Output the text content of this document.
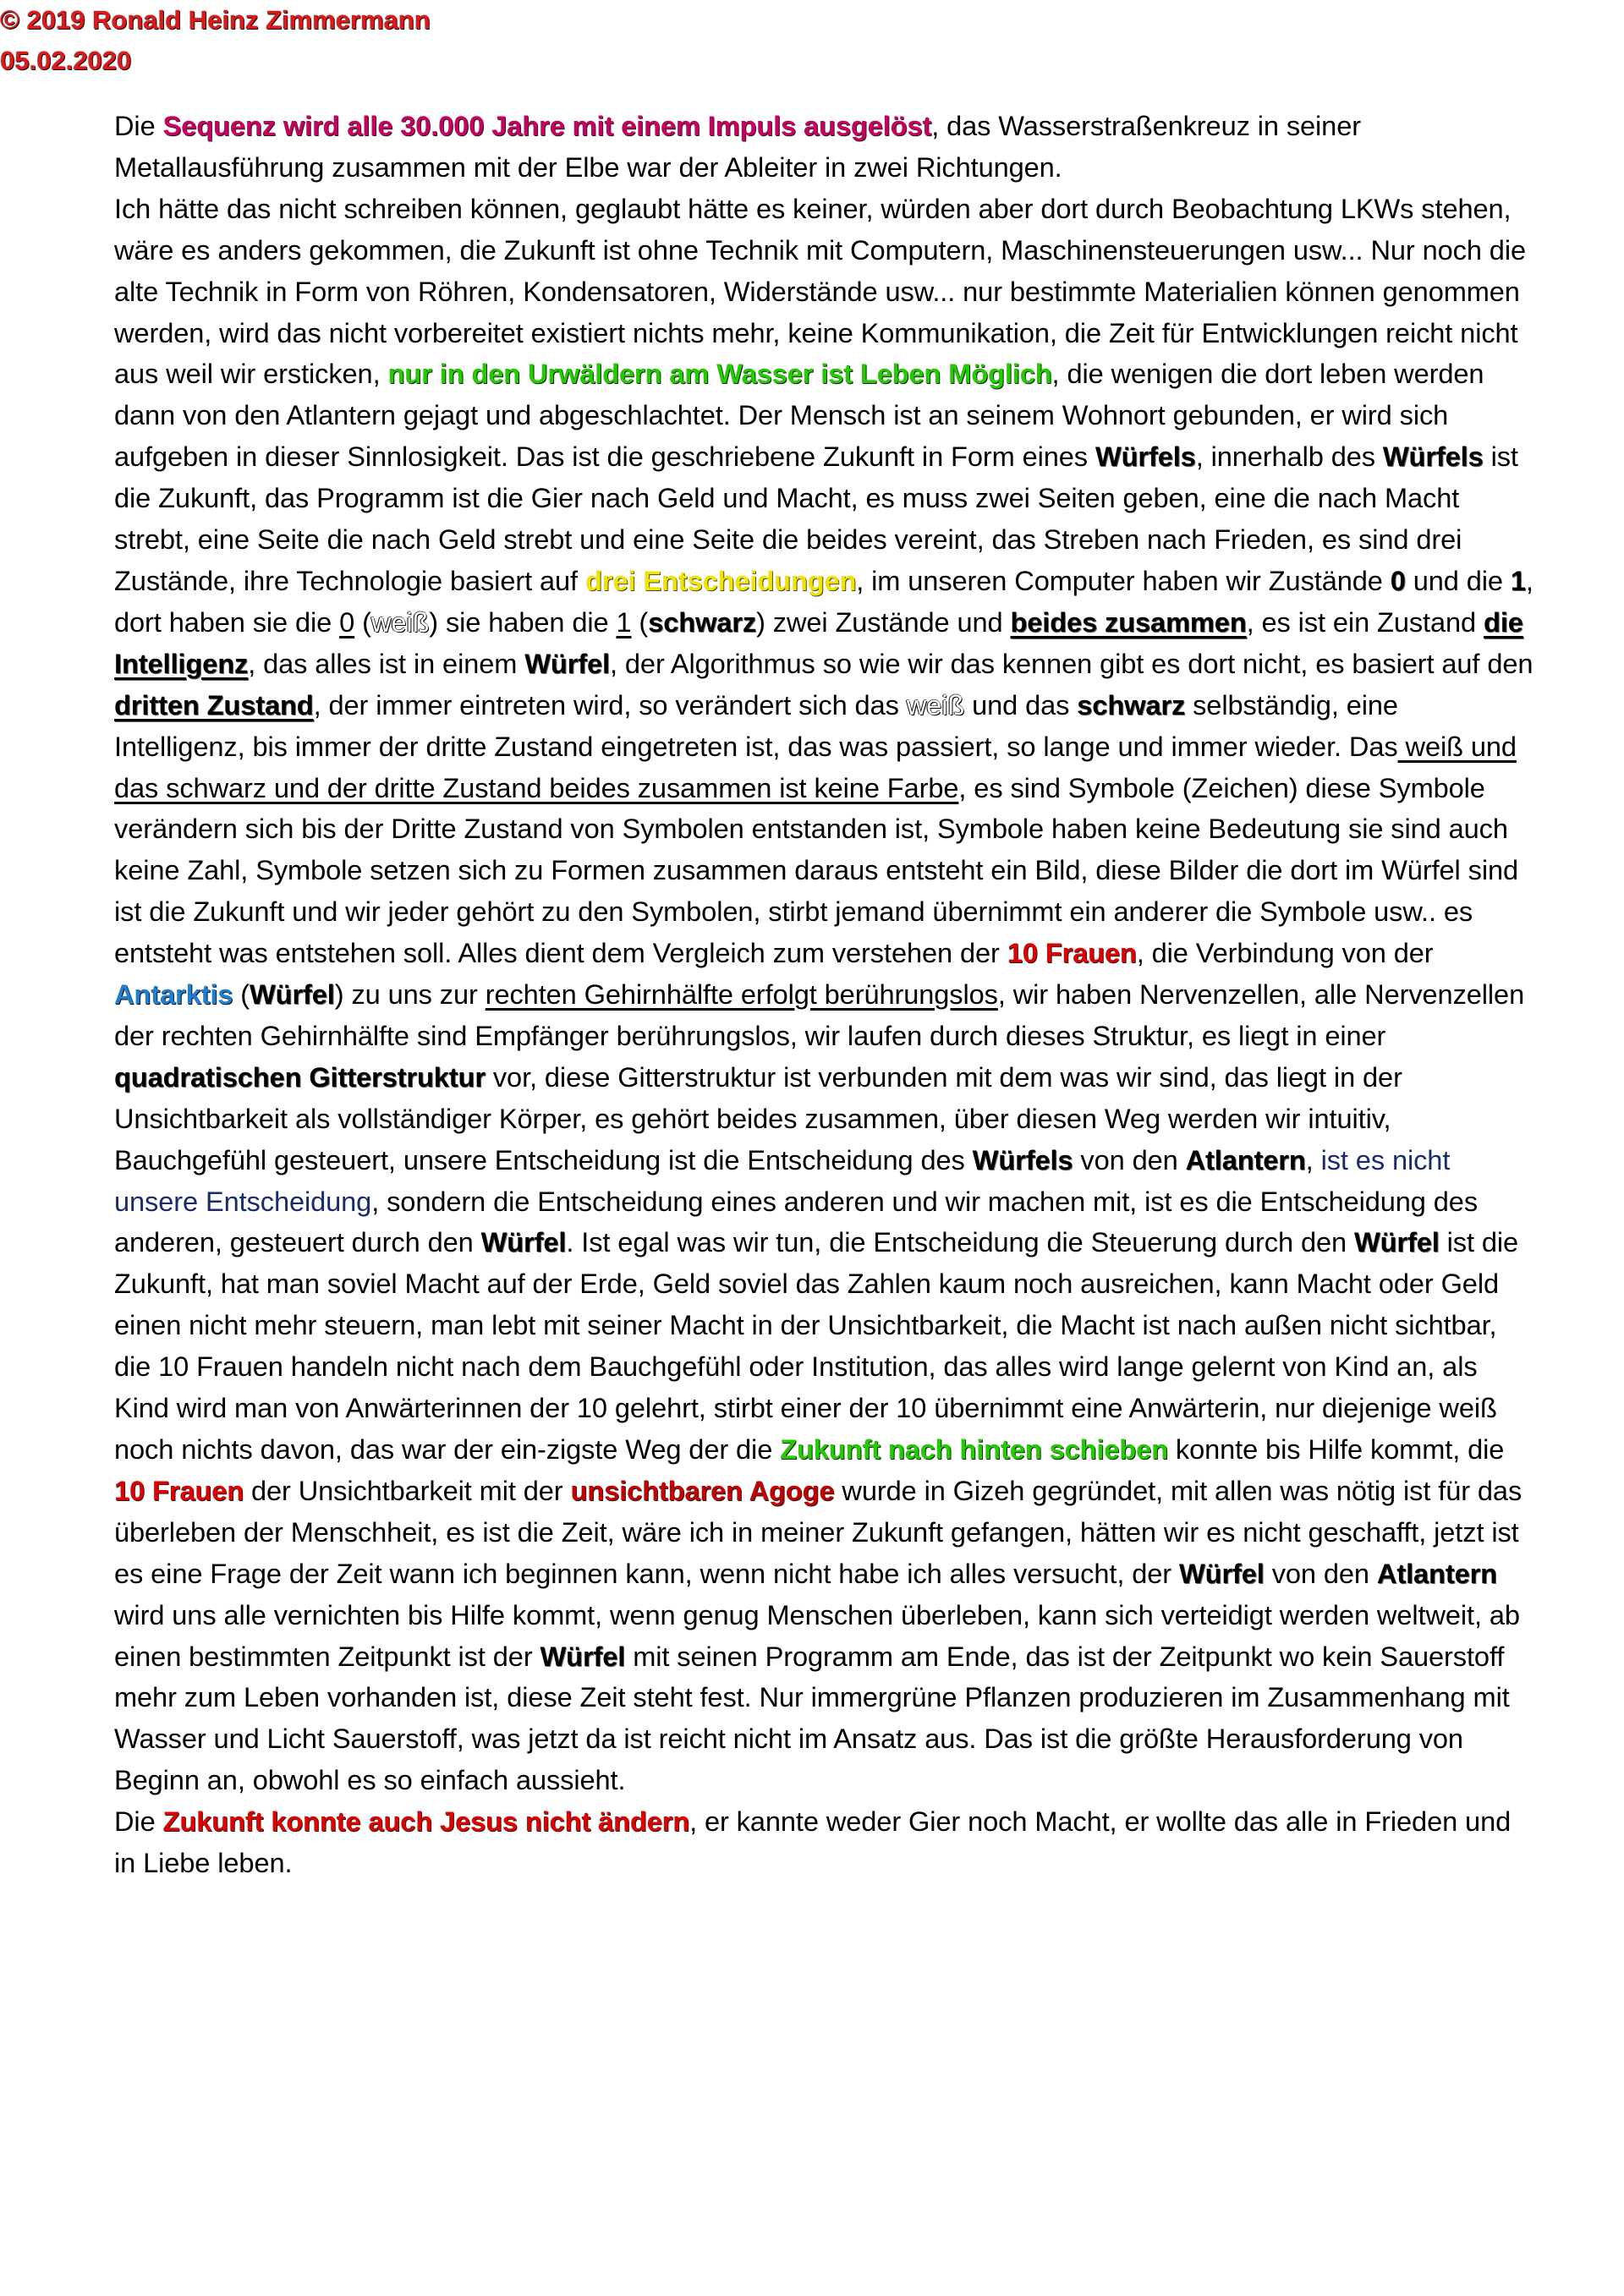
© 2019 Ronald Heinz Zimmermann
05.02.2020

Die Sequenz wird alle 30.000 Jahre mit einem Impuls ausgelöst, das Wasserstraßenkreuz in seiner Metallausführung zusammen mit der Elbe war der Ableiter in zwei Richtungen.

Ich hätte das nicht schreiben können, geglaubt hätte es keiner, würden aber dort durch Beobachtung LKWs stehen, wäre es anders gekommen, die Zukunft ist ohne Technik mit Computern, Maschinensteuerungen usw... Nur noch die alte Technik in Form von Röhren, Kondensatoren, Widerstände usw... nur bestimmte Materialien können genommen werden, wird das nicht vorbereitet existiert nichts mehr, keine Kommunikation, die Zeit für Entwicklungen reicht nicht aus weil wir ersticken, nur in den Urwäldern am Wasser ist Leben Möglich, die wenigen die dort leben werden dann von den Atlantern gejagt und abgeschlachtet. Der Mensch ist an seinem Wohnort gebunden, er wird sich aufgeben in dieser Sinnlosigkeit. Das ist die geschriebene Zukunft in Form eines Würfels, innerhalb des Würfels ist die Zukunft, das Programm ist die Gier nach Geld und Macht, es muss zwei Seiten geben, eine die nach Macht strebt, eine Seite die nach Geld strebt und eine Seite die beides vereint, das Streben nach Frieden, es sind drei Zustände, ihre Technologie basiert auf drei Entscheidungen, im unseren Computer haben wir Zustände 0 und die 1, dort haben sie die 0 (weiß) sie haben die 1 (schwarz) zwei Zustände und beides zusammen, es ist ein Zustand die Intelligenz, das alles ist in einem Würfel, der Algorithmus so wie wir das kennen gibt es dort nicht, es basiert auf den dritten Zustand, der immer eintreten wird, so verändert sich das weiß und das schwarz selbständig, eine Intelligenz, bis immer der dritte Zustand eingetreten ist, das was passiert, so lange und immer wieder. Das weiß und das schwarz und der dritte Zustand beides zusammen ist keine Farbe, es sind Symbole (Zeichen) diese Symbole verändern sich bis der Dritte Zustand von Symbolen entstanden ist, Symbole haben keine Bedeutung sie sind auch keine Zahl, Symbole setzen sich zu Formen zusammen daraus entsteht ein Bild, diese Bilder die dort im Würfel sind ist die Zukunft und wir jeder gehört zu den Symbolen, stirbt jemand übernimmt ein anderer die Symbole usw.. es entsteht was entstehen soll. Alles dient dem Vergleich zum verstehen der 10 Frauen, die Verbindung von der Antarktis (Würfel) zu uns zur rechten Gehirnhälfte erfolgt berührungslos, wir haben Nervenzellen, alle Nervenzellen der rechten Gehirnhälfte sind Empfänger berührungslos, wir laufen durch dieses Struktur, es liegt in einer quadratischen Gitterstruktur vor, diese Gitterstruktur ist verbunden mit dem was wir sind, das liegt in der Unsichtbarkeit als vollständiger Körper, es gehört beides zusammen, über diesen Weg werden wir intuitiv, Bauchgefühl gesteuert, unsere Entscheidung ist die Entscheidung des Würfels von den Atlantern, ist es nicht unsere Entscheidung, sondern die Entscheidung eines anderen und wir machen mit, ist es die Entscheidung des anderen, gesteuert durch den Würfel. Ist egal was wir tun, die Entscheidung die Steuerung durch den Würfel ist die Zukunft, hat man soviel Macht auf der Erde, Geld soviel das Zahlen kaum noch ausreichen, kann Macht oder Geld einen nicht mehr steuern, man lebt mit seiner Macht in der Unsichtbarkeit, die Macht ist nach außen nicht sichtbar, die 10 Frauen handeln nicht nach dem Bauchgefühl oder Institution, das alles wird lange gelernt von Kind an, als Kind wird man von Anwärterinnen der 10 gelehrt, stirbt einer der 10 übernimmt eine Anwärterin, nur diejenige weiß noch nichts davon, das war der ein-zigste Weg der die Zukunft nach hinten schieben konnte bis Hilfe kommt, die 10 Frauen der Unsichtbarkeit mit der unsichtbaren Agoge wurde in Gizeh gegründet, mit allen was nötig ist für das überleben der Menschheit, es ist die Zeit, wäre ich in meiner Zukunft gefangen, hätten wir es nicht geschafft, jetzt ist es eine Frage der Zeit wann ich beginnen kann, wenn nicht habe ich alles versucht, der Würfel von den Atlantern wird uns alle vernichten bis Hilfe kommt, wenn genug Menschen überleben, kann sich verteidigt werden weltweit, ab einen bestimmten Zeitpunkt ist der Würfel mit seinen Programm am Ende, das ist der Zeitpunkt wo kein Sauerstoff mehr zum Leben vorhanden ist, diese Zeit steht fest. Nur immergrüne Pflanzen produzieren im Zusammenhang mit Wasser und Licht Sauerstoff, was jetzt da ist reicht nicht im Ansatz aus. Das ist die größte Herausforderung von Beginn an, obwohl es so einfach aussieht.

Die Zukunft konnte auch Jesus nicht ändern, er kannte weder Gier noch Macht, er wollte das alle in Frieden und in Liebe leben.
